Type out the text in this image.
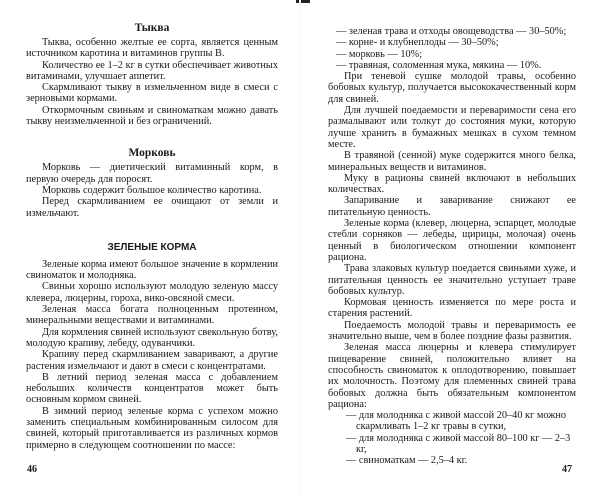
Тыква

Тыква, особенно желтые ее сорта, является ценным источником каротина и витаминов группы В.

Количество ее 1–2 кг в сутки обеспечивает животных витаминами, улучшает аппетит.

Скармливают тыкву в измельченном виде в смеси с зерновыми кормами.

Откормочным свиньям и свиноматкам можно давать тыкву неизмельченной и без ограничений.

Морковь

Морковь — диетический витаминный корм, в первую очередь для поросят.

Морковь содержит большое количество каротина.

Перед скармливанием ее очищают от земли и измельчают.

ЗЕЛЕНЫЕ КОРМА

Зеленые корма имеют большое значение в кормлении свиноматок и молодняка.

Свиньи хорошо используют молодую зеленую массу клевера, люцерны, гороха, вико-овсяной смеси.

Зеленая масса богата полноценным протеином, минеральными веществами и витаминами.

Для кормления свиней используют свекольную ботву, молодую крапиву, лебеду, одуванчики.

Крапиву перед скармливанием заваривают, а другие растения измельчают и дают в смеси с концентратами.

В летний период зеленая масса с добавлением небольших количеств концентратов может быть основным кормом свиней.

В зимний период зеленые корма с успехом можно заменить специальным комбинированным силосом для свиней, который приготавливается из различных кормов примерно в следующем соотношении по массе:

46
— зеленая трава и отходы овощеводства — 30–50%;
— корне- и клубнеплоды — 30–50%;
— морковь — 10%;
— травяная, соломенная мука, мякина — 10%.

При теневой сушке молодой травы, особенно бобовых культур, получается высококачественный корм для свиней.

Для лучшей поедаемости и переваримости сена его размалывают или толкут до состояния муки, которую лучше хранить в бумажных мешках в сухом темном месте.

В травяной (сенной) муке содержится много белка, минеральных веществ и витаминов.

Муку в рационы свиней включают в небольших количествах.

Запаривание и заваривание снижают ее питательную ценность.

Зеленые корма (клевер, люцерна, эспарцет, молодые стебли сорняков — лебеды, щирицы, молочая) очень ценный в биологическом отношении компонент рациона.

Трава злаковых культур поедается свиньями хуже, и питательная ценность ее значительно уступает траве бобовых культур.

Кормовая ценность изменяется по мере роста и старения растений.

Поедаемость молодой травы и переваримость ее значительно выше, чем в более поздние фазы развития.

Зеленая масса люцерны и клевера стимулирует пищеварение свиней, положительно влияет на способность свиноматок к оплодотворению, повышает их молочность. Поэтому для племенных свиней трава бобовых должна быть обязательным компонентом рациона:

— для молодняка с живой массой 20–40 кг можно скармливать 1–2 кг травы в сутки,
— для молодняка с живой массой 80–100 кг — 2–3 кг,
— свиноматкам — 2,5–4 кг.
47
